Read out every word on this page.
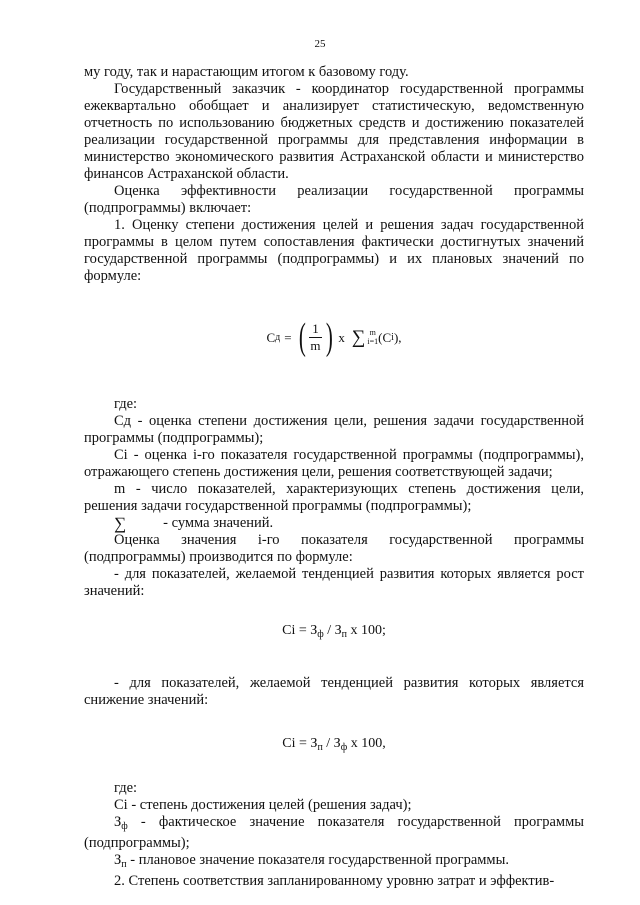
25

му году, так и нарастающим итогом к базовому году.

Государственный заказчик - координатор государственной программы ежеквартально обобщает и анализирует статистическую, ведомственную отчетность по использованию бюджетных средств и достижению показателей реализации государственной программы для представления информации в министерство экономического развития Астраханской области и министерство финансов Астраханской области.

Оценка эффективности реализации государственной программы (подпрограммы) включает:

1. Оценку степени достижения целей и решения задач государственной программы в целом путем сопоставления фактически достигнутых значений государственной программы (подпрограммы) и их плановых значений по формуле:

C д = ( $\frac{1}{m}$ ) x ∑ m
i=1 (C i ),

где:

Сд - оценка степени достижения цели, решения задачи государственной программы (подпрограммы);

Ci - оценка i-го показателя государственной программы (подпрограммы), отражающего степень достижения цели, решения соответствующей задачи;

m - число показателей, характеризующих степень достижения цели, решения задачи государственной программы (подпрограммы);

∑	- сумма значений.

Оценка значения i-го показателя государственной программы (подпрограммы) производится по формуле:

- для показателей, желаемой тенденцией развития которых является рост значений:

$Ci = З_ф / З_п$ х 100;

- для показателей, желаемой тенденцией развития которых является снижение значений:

$Ci = З_п / З_ф$ х 100,

где:

Ci - степень достижения целей (решения задач);

$З_ф$ - фактическое значение показателя государственной программы (подпрограммы);

$З_п$ - плановое значение показателя государственной программы.

2. Степень соответствия запланированному уровню затрат и эффектив-
